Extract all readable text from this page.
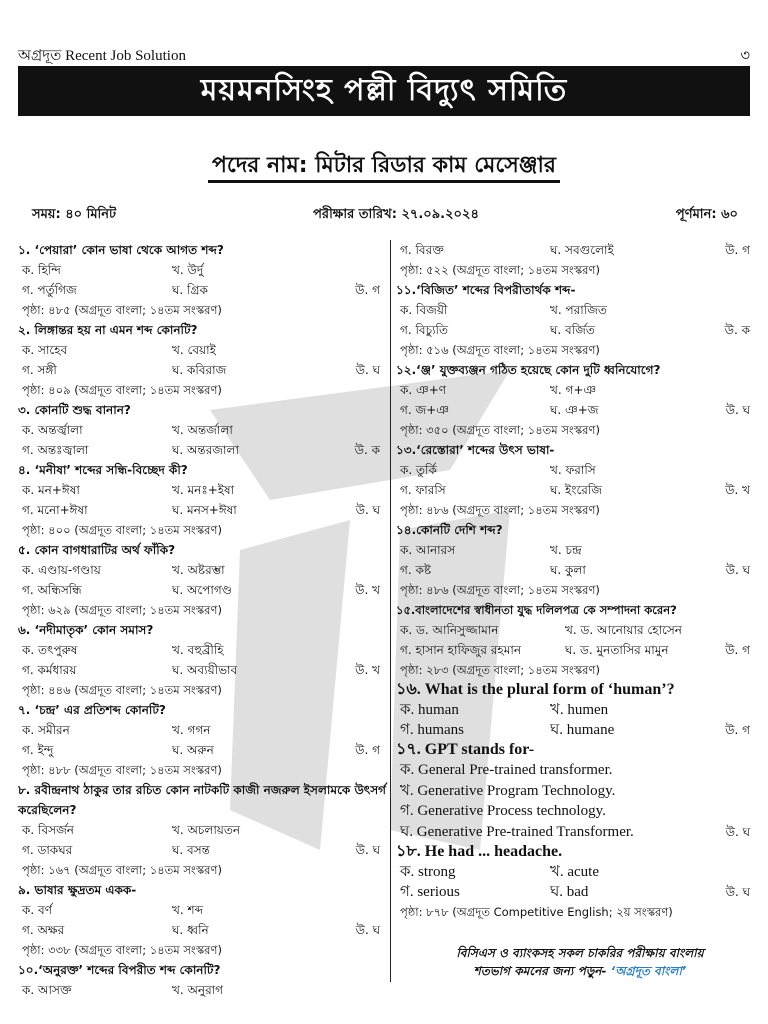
অগ্রদূত Recent Job Solution	৩
ময়মনসিংহ পল্লী বিদ্যুৎ সমিতি
পদের নাম: মিটার রিডার কাম মেসেঞ্জার
সময়: ৪০ মিনিট	পরীক্ষার তারিখ: ২৭.০৯.২০২৪	পূর্ণমান: ৬০
১. ‘পেয়ারা’ কোন ভাষা থেকে আগত শব্দ?
ক. হিন্দি	খ. উর্দু
গ. পর্তুগিজ	ঘ. গ্রিক	উ. গ
পৃষ্ঠা: ৪৮৫ (অগ্রদূত বাংলা; ১৪তম সংস্করণ)
২. লিঙ্গান্তর হয় না এমন শব্দ কোনটি?
ক. সাহেব	খ. বেয়াই
গ. সঙ্গী	ঘ. কবিরাজ	উ. ঘ
পৃষ্ঠা: ৪০৯ (অগ্রদূত বাংলা; ১৪তম সংস্করণ)
৩. কোনটি শুদ্ধ বানান?
ক. অন্তর্জ্বালা	খ. অন্তর্জালা
গ. অন্তঃজ্বালা	ঘ. অন্তরজালা	উ. ক
৪. ‘মনীষা’ শব্দের সন্ধি-বিচ্ছেদ কী?
ক. মন+ঈষা	খ. মনঃ+ইষা
গ. মনো+ঈষা	ঘ. মনস+ঈষা	উ. ঘ
পৃষ্ঠা: ৪০০ (অগ্রদূত বাংলা; ১৪তম সংস্করণ)
৫. কোন বাগধারাটির অর্থ ফাঁকি?
ক. এণ্ডায়-গণ্ডায়	খ. অষ্টরম্ভা
গ. অন্ধিসন্ধি	ঘ. অপোগণ্ড	উ. খ
পৃষ্ঠা: ৬২৯ (অগ্রদূত বাংলা; ১৪তম সংস্করণ)
৬. ‘নদীমাতৃক’ কোন সমাস?
ক. তৎপুরুষ	খ. বহুব্রীহি
গ. কর্মধারয়	ঘ. অব্যয়ীভাব	উ. খ
পৃষ্ঠা: ৪৪৬ (অগ্রদূত বাংলা; ১৪তম সংস্করণ)
৭. ‘চন্দ্র’ এর প্রতিশব্দ কোনটি?
ক. সমীরন	খ. গগন
গ. ইন্দু	ঘ. অরুন	উ. গ
পৃষ্ঠা: ৪৮৮ (অগ্রদূত বাংলা; ১৪তম সংস্করণ)
৮. রবীন্দ্রনাথ ঠাকুর তার রচিত কোন নাটকটি কাজী নজরুল ইসলামকে উৎসর্গ করেছিলেন?
ক. বিসর্জন	খ. অচলায়তন
গ. ডাকঘর	ঘ. বসন্ত	উ. ঘ
পৃষ্ঠা: ১৬৭ (অগ্রদূত বাংলা; ১৪তম সংস্করণ)
৯. ভাষার ক্ষুদ্রতম একক-
ক. বর্ণ	খ. শব্দ
গ. অক্ষর	ঘ. ধ্বনি	উ. ঘ
পৃষ্ঠা: ৩৩৮ (অগ্রদূত বাংলা; ১৪তম সংস্করণ)
১০.‘অনুরক্ত’ শব্দের বিপরীত শব্দ কোনটি?
ক. আসক্ত	খ. অনুরাগ
গ. বিরক্ত	ঘ. সবগুলোই	উ. গ
পৃষ্ঠা: ৫২২ (অগ্রদূত বাংলা; ১৪তম সংস্করণ)
১১.‘বিজিত’ শব্দের বিপরীতার্থক শব্দ-
ক. বিজয়ী	খ. পরাজিত
গ. বিচ্যুতি	ঘ. বর্জিত	উ. ক
পৃষ্ঠা: ৫১৬ (অগ্রদূত বাংলা; ১৪তম সংস্করণ)
১২.‘ঞ্জ’ যুক্তব্যঞ্জন গঠিত হয়েছে কোন দুটি ধ্বনিযোগে?
ক. ঞ+ণ	খ. গ+ঞ
গ. জ+ঞ	ঘ. ঞ+জ	উ. ঘ
পৃষ্ঠা: ৩৫০ (অগ্রদূত বাংলা; ১৪তম সংস্করণ)
১৩.‘রেস্তোরা’ শব্দের উৎস ভাষা-
ক. তুর্কি	খ. ফরাসি
গ. ফারসি	ঘ. ইংরেজি	উ. খ
পৃষ্ঠা: ৪৮৬ (অগ্রদূত বাংলা; ১৪তম সংস্করণ)
১৪.কোনটি দেশি শব্দ?
ক. আনারস	খ. চন্দ্র
গ. কষ্ট	ঘ. কুলা	উ. ঘ
পৃষ্ঠা: ৪৮৬ (অগ্রদূত বাংলা; ১৪তম সংস্করণ)
১৫.বাংলাদেশের স্বাধীনতা যুদ্ধ দলিলপত্র কে সম্পাদনা করেন?
ক. ড. আনিসুজ্জামান	খ. ড. আনোয়ার হোসেন
গ. হাসান হাফিজুর রহমান	ঘ. ড. মুনতাসির মামুন	উ. গ
পৃষ্ঠা: ২৮৩ (অগ্রদূত বাংলা; ১৪তম সংস্করণ)
১৬. What is the plural form of ‘human’?
ক. human	খ. humen
গ. humans	ঘ. humane	উ. গ
১৭. GPT stands for-
ক. General Pre-trained transformer.
খ. Generative Program Technology.
গ. Generative Process technology.
ঘ. Generative Pre-trained Transformer.	উ. ঘ
১৮. He had ... headache.
ক. strong	খ. acute
গ. serious	ঘ. bad	উ. ঘ
পৃষ্ঠা: ৮৭৮ (অগ্রদূত Competitive English; ২য় সংস্করণ)
বিসিএস ও ব্যাংকসহ সকল চাকরির পরীক্ষায় বাংলায়
শতভাগ কমনের জন্য পড়ুন- ‘অগ্রদূত বাংলা’
